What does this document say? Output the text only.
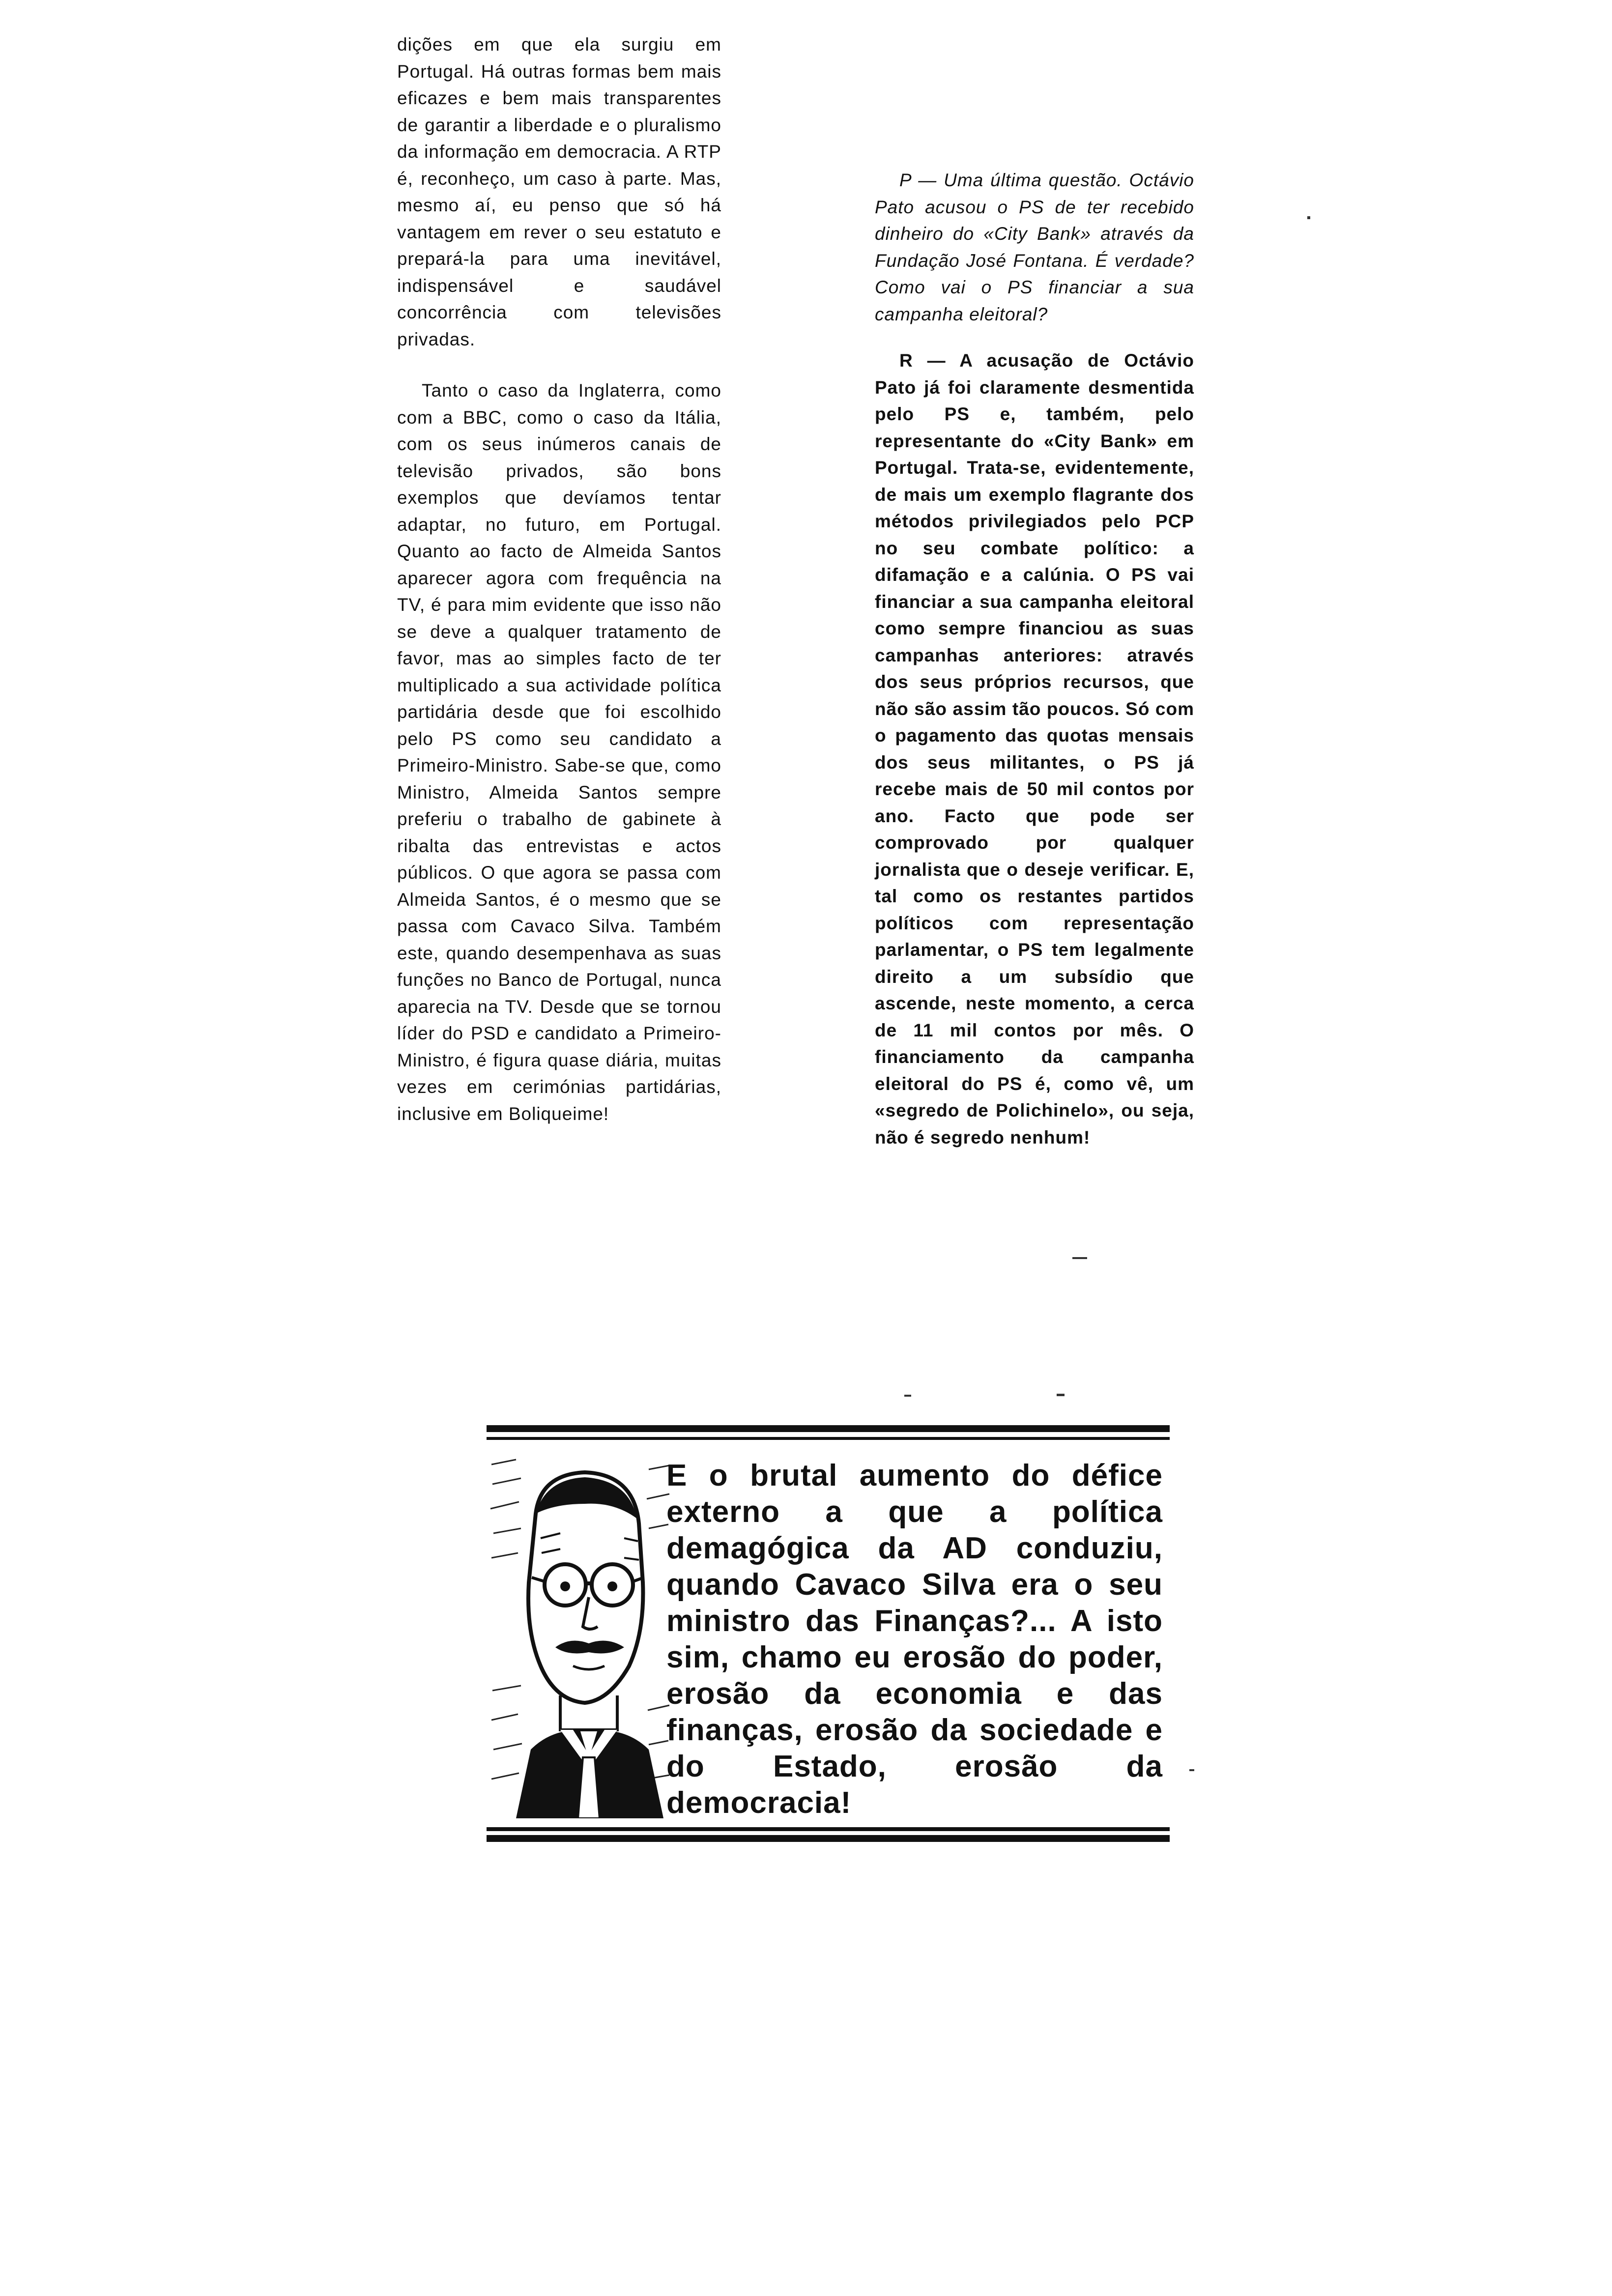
dições em que ela surgiu em Portugal. Há outras formas bem mais eficazes e bem mais transparentes de garantir a liberdade e o pluralismo da informação em democracia. A RTP é, reconheço, um caso à parte. Mas, mesmo aí, eu penso que só há vantagem em rever o seu estatuto e prepará-la para uma inevitável, indispensável e saudável concorrência com televisões privadas.

Tanto o caso da Inglaterra, como com a BBC, como o caso da Itália, com os seus inúmeros canais de televisão privados, são bons exemplos que devíamos tentar adaptar, no futuro, em Portugal. Quanto ao facto de Almeida Santos aparecer agora com frequência na TV, é para mim evidente que isso não se deve a qualquer tratamento de favor, mas ao simples facto de ter multiplicado a sua actividade política partidária desde que foi escolhido pelo PS como seu candidato a Primeiro-Ministro. Sabe-se que, como Ministro, Almeida Santos sempre preferiu o trabalho de gabinete à ribalta das entrevistas e actos públicos. O que agora se passa com Almeida Santos, é o mesmo que se passa com Cavaco Silva. Também este, quando desempenhava as suas funções no Banco de Portugal, nunca aparecia na TV. Desde que se tornou líder do PSD e candidato a Primeiro-Ministro, é figura quase diária, muitas vezes em cerimónias partidárias, inclusive em Boliqueime!

P — Uma última questão. Octávio Pato acusou o PS de ter recebido dinheiro do «City Bank» através da Fundação José Fontana. É verdade? Como vai o PS financiar a sua campanha eleitoral?

R — A acusação de Octávio Pato já foi claramente desmentida pelo PS e, também, pelo representante do «City Bank» em Portugal. Trata-se, evidentemente, de mais um exemplo flagrante dos métodos privilegiados pelo PCP no seu combate político: a difamação e a calúnia. O PS vai financiar a sua campanha eleitoral como sempre financiou as suas campanhas anteriores: através dos seus próprios recursos, que não são assim tão poucos. Só com o pagamento das quotas mensais dos seus militantes, o PS já recebe mais de 50 mil contos por ano. Facto que pode ser comprovado por qualquer jornalista que o deseje verificar. E, tal como os restantes partidos políticos com representação parlamentar, o PS tem legalmente direito a um subsídio que ascende, neste momento, a cerca de 11 mil contos por mês. O financiamento da campanha eleitoral do PS é, como vê, um «segredo de Polichinelo», ou seja, não é segredo nenhum!

E o brutal aumento do défice externo a que a política demagógica da AD conduziu, quando Cavaco Silva era o seu ministro das Finanças?... A isto sim, chamo eu erosão do poder, erosão da economia e das finanças, erosão da sociedade e do Estado, erosão da democracia!
